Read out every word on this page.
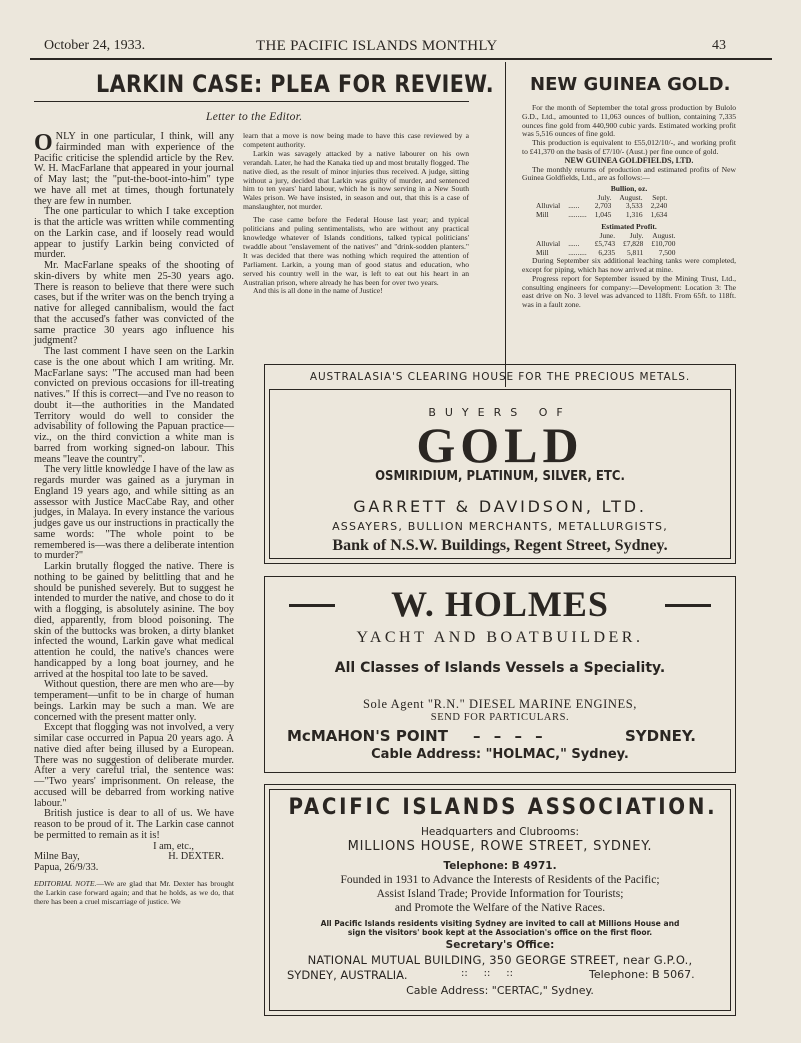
October 24, 1933.	THE PACIFIC ISLANDS MONTHLY	43
LARKIN CASE: PLEA FOR REVIEW.
Letter to the Editor.

ONLY in one particular, I think, will any fairminded man with experience of the Pacific criticise the splendid article by the Rev. W. H. MacFarlane that appeared in your journal of May last; the "put-the-boot-into-him" type we have all met at times, though fortunately they are few in number.

The one particular to which I take exception is that the article was written while commenting on the Larkin case, and if loosely read would appear to justify Larkin being convicted of murder.

Mr. MacFarlane speaks of the shooting of skin-divers by white men 25-30 years ago. There is reason to believe that there were such cases, but if the writer was on the bench trying a native for alleged cannibalism, would the fact that the accused's father was convicted of the same practice 30 years ago influence his judgment?

The last comment I have seen on the Larkin case is the one about which I am writing. Mr. MacFarlane says: "The accused man had been convicted on previous occasions for ill-treating natives." If this is correct—and I've no reason to doubt it—the authorities in the Mandated Territory would do well to consider the advisability of following the Papuan practice—viz., on the third conviction a white man is barred from working signed-on labour. This means "leave the country".

The very little knowledge I have of the law as regards murder was gained as a juryman in England 19 years ago, and while sitting as an assessor with Justice MacCabe Ray, and other judges, in Malaya. In every instance the various judges gave us our instructions in practically the same words: "The whole point to be remembered is—was there a deliberate intention to murder?"

Larkin brutally flogged the native. There is nothing to be gained by belittling that and he should be punished severely. But to suggest he intended to murder the native, and chose to do it with a flogging, is absolutely asinine. The boy died, apparently, from blood poisoning. The skin of the buttocks was broken, a dirty blanket infected the wound, Larkin gave what medical attention he could, the native's chances were handicapped by a long boat journey, and he arrived at the hospital too late to be saved.

Without question, there are men who are—by temperament—unfit to be in charge of human beings. Larkin may be such a man. We are concerned with the present matter only.

Except that flogging was not involved, a very similar case occurred in Papua 20 years ago. A native died after being illused by a European. There was no suggestion of deliberate murder. After a very careful trial, the sentence was:—"Two years' imprisonment. On release, the accused will be debarred from working native labour."

British justice is dear to all of us. We have reason to be proud of it. The Larkin case cannot be permitted to remain as it is!

I am, etc.,
Milne Bay,	H. DEXTER.
Papua, 26/9/33.
EDITORIAL NOTE.—We are glad that Mr. Dexter has brought the Larkin case forward again; and that he holds, as we do, that there has been a cruel miscarriage of justice. We

learn that a move is now being made to have this case reviewed by a competent authority.

Larkin was savagely attacked by a native labourer on his own verandah. Later, he had the Kanaka tied up and most brutally flogged. The native died, as the result of minor injuries thus received. A judge, sitting without a jury, decided that Larkin was guilty of murder, and sentenced him to ten years' hard labour, which he is now serving in a New South Wales prison. We have insisted, in season and out, that this is a case of manslaughter, not murder.

The case came before the Federal House last year; and typical politicians and puling sentimentalists, who are without any practical knowledge whatever of Islands conditions, talked typical politicians' twaddle about "enslavement of the natives" and "drink-sodden planters." It was decided that there was nothing which required the attention of Parliament. Larkin, a young man of good status and education, who served his country well in the war, is left to eat out his heart in an Australian prison, where already he has been for over two years.

And this is all done in the name of Justice!

NEW GUINEA GOLD.

For the month of September the total gross production by Bulolo G.D., Ltd., amounted to 11,063 ounces of bullion, containing 7,335 ounces fine gold from 440,900 cubic yards. Estimated working profit was 5,516 ounces of fine gold.

This production is equivalent to £55,012/10/-, and working profit to £41,370 on the basis of £7/10/- (Aust.) per fine ounce of gold.

NEW GUINEA GOLDFIELDS, LTD.

The monthly returns of production and estimated profits of New Guinea Goldfields, Ltd., are as follows:—

Bullion, oz.

		July.	August.	Sept.
Alluvial	......	2,703	3,533	2,240
Mill	..........	1,045	1,316	1,634

Estimated Profit.

		June.	July.	August.
Alluvial	......	£5,743	£7,828	£10,700
Mill	..........	6,235	5,811	7,500

During September six additional leaching tanks were completed, except for piping, which has now arrived at mine.

Progress report for September issued by the Mining Trust, Ltd., consulting engineers for company:—Development: Location 3: The east drive on No. 3 level was advanced to 118ft. From 65ft. to 118ft. was in a fault zone.

AUSTRALASIA'S CLEARING HOUSE FOR THE PRECIOUS METALS.
BUYERS OF
GOLD
OSMIRIDIUM, PLATINUM, SILVER, ETC.
GARRETT & DAVIDSON, LTD.
ASSAYERS, BULLION MERCHANTS, METALLURGISTS,
Bank of N.S.W. Buildings, Regent Street, Sydney.
W. HOLMES
YACHT AND BOATBUILDER.
All Classes of Islands Vessels a Speciality.
Sole Agent "R.N." DIESEL MARINE ENGINES,
SEND FOR PARTICULARS.
McMAHON'S POINT – – – –	SYDNEY.
Cable Address: "HOLMAC," Sydney.
PACIFIC ISLANDS ASSOCIATION.
Headquarters and Clubrooms:
MILLIONS HOUSE, ROWE STREET, SYDNEY.
Telephone: B 4971.
Founded in 1931 to Advance the Interests of Residents of the Pacific;
Assist Island Trade; Provide Information for Tourists;
and Promote the Welfare of the Native Races.
All Pacific Islands residents visiting Sydney are invited to call at Millions House and
sign the visitors' book kept at the Association's office on the first floor.
Secretary's Office:
NATIONAL MUTUAL BUILDING, 350 GEORGE STREET, near G.P.O.,
SYDNEY, AUSTRALIA.	::     ::     ::	Telephone: B 5067.
Cable Address: "CERTAC," Sydney.
